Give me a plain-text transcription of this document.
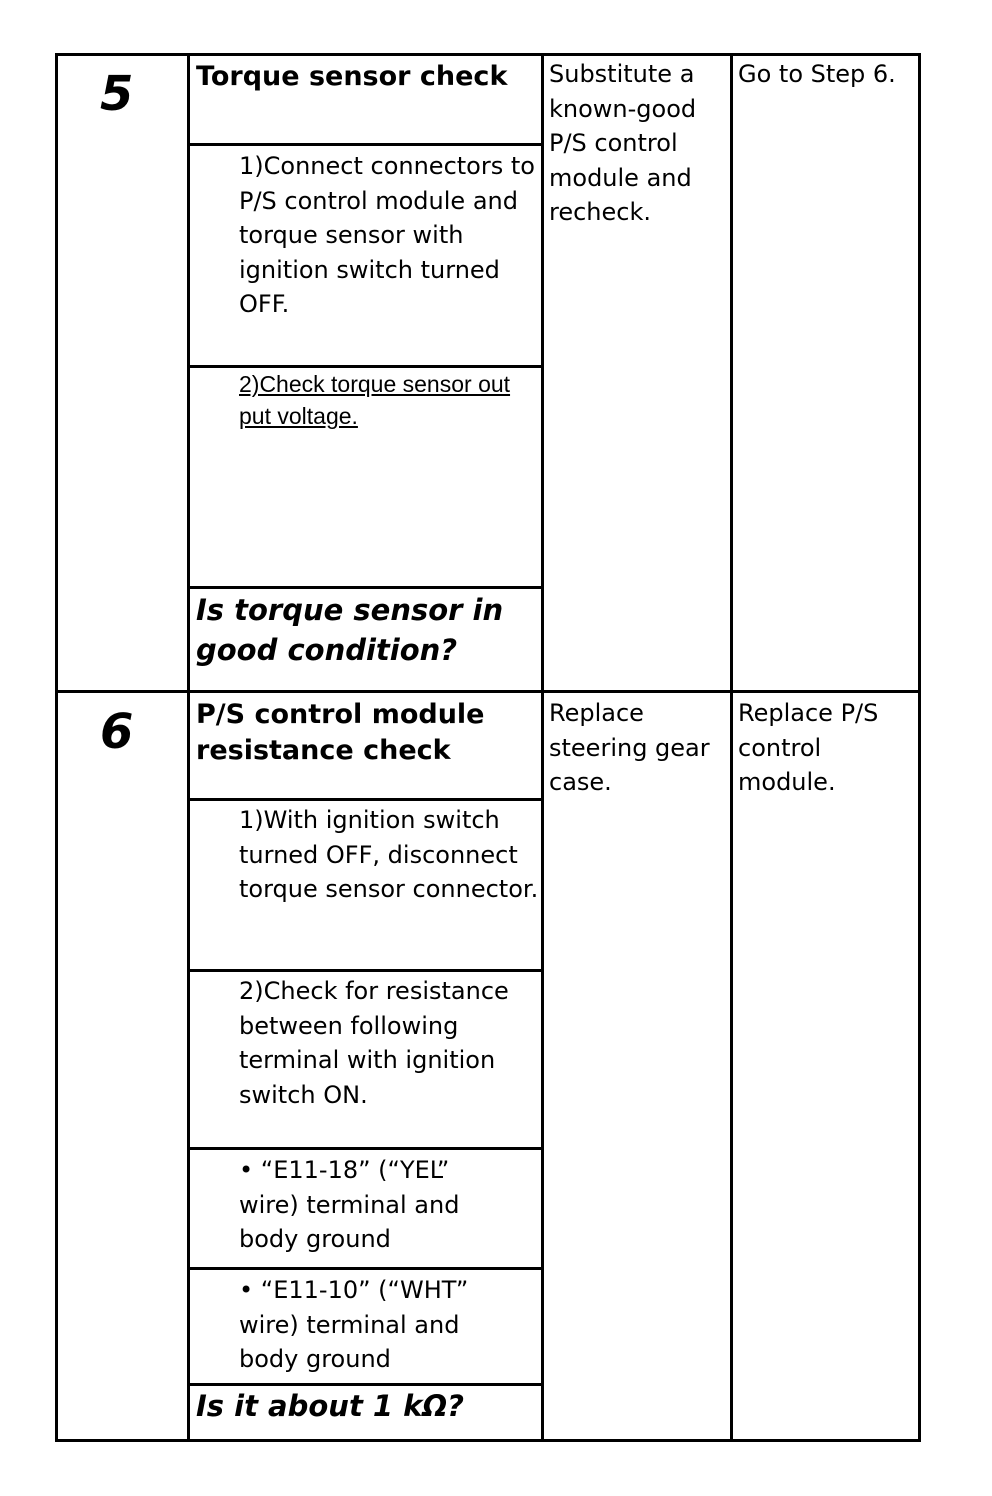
5 Torque sensor check
1)Connect connectors to P/S control module and torque sensor with ignition switch turned OFF.
2)Check torque sensor out put voltage.
Is torque sensor in good condition?
Substitute a known-good P/S control module and recheck.
Go to Step 6.
6 P/S control module resistance check
1)With ignition switch turned OFF, disconnect torque sensor connector.
2)Check for resistance between following terminal with ignition switch ON.
• “E11-18” (“YEL” wire) terminal and body ground
• “E11-10” (“WHT” wire) terminal and body ground
Is it about 1 kΩ?
Replace steering gear case.
Replace P/S control module.
